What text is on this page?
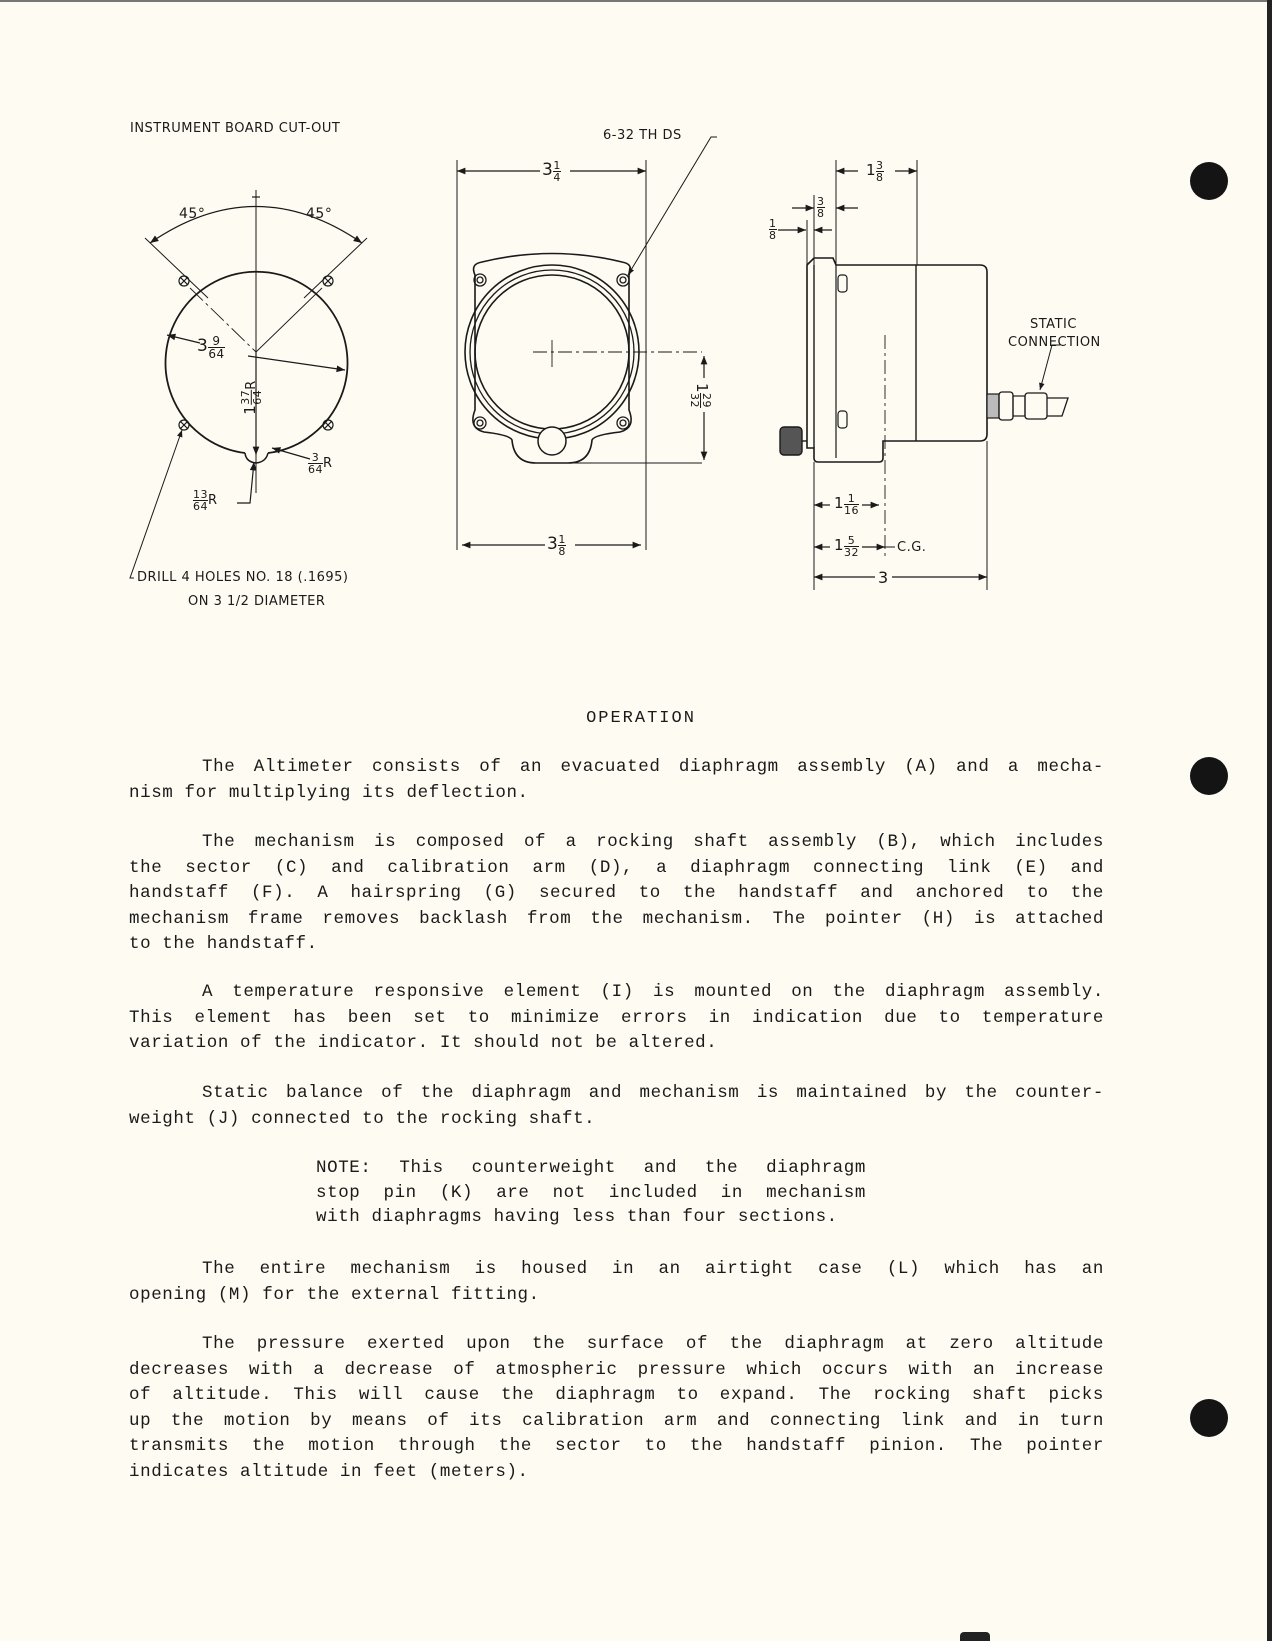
INSTRUMENT BOARD CUT-OUT
45°	45°
$3 \frac{9}{64}$
1
37 64
R
$\frac{3}{64}$ R
$\frac{13}{64}$ R
DRILL 4 HOLES NO. 18 (.1695)
ON 3 1/2 DIAMETER
6-32 TH DS
$3 \frac{1}{4}$
$3 \frac{1}{8}$
1
29
32
$1 \frac{3}{8}$
$\frac{3}{8}$
$\frac{1}{8}$
STATIC
CONNECTION
$1 \frac{1}{16}$
$1 \frac{5}{32}$	C.G.
3
OPERATION
The Altimeter consists of an evacuated diaphragm assembly (A) and a mecha-
nism for multiplying its deflection.
The mechanism is composed of a rocking shaft assembly (B), which includes
the sector (C) and calibration arm (D), a diaphragm connecting link (E) and
handstaff (F). A hairspring (G) secured to the handstaff and anchored to the
mechanism frame removes backlash from the mechanism. The pointer (H) is attached
to the handstaff.
A temperature responsive element (I) is mounted on the diaphragm assembly.
This element has been set to minimize errors in indication due to temperature
variation of the indicator. It should not be altered.
Static balance of the diaphragm and mechanism is maintained by the counter-
weight (J) connected to the rocking shaft.
NOTE: This counterweight and the diaphragm
stop pin (K) are not included in mechanism
with diaphragms having less than four sections.
The entire mechanism is housed in an airtight case (L) which has an
opening (M) for the external fitting.
The pressure exerted upon the surface of the diaphragm at zero altitude
decreases with a decrease of atmospheric pressure which occurs with an increase
of altitude. This will cause the diaphragm to expand. The rocking shaft picks
up the motion by means of its calibration arm and connecting link and in turn
transmits the motion through the sector to the handstaff pinion. The pointer
indicates altitude in feet (meters).
